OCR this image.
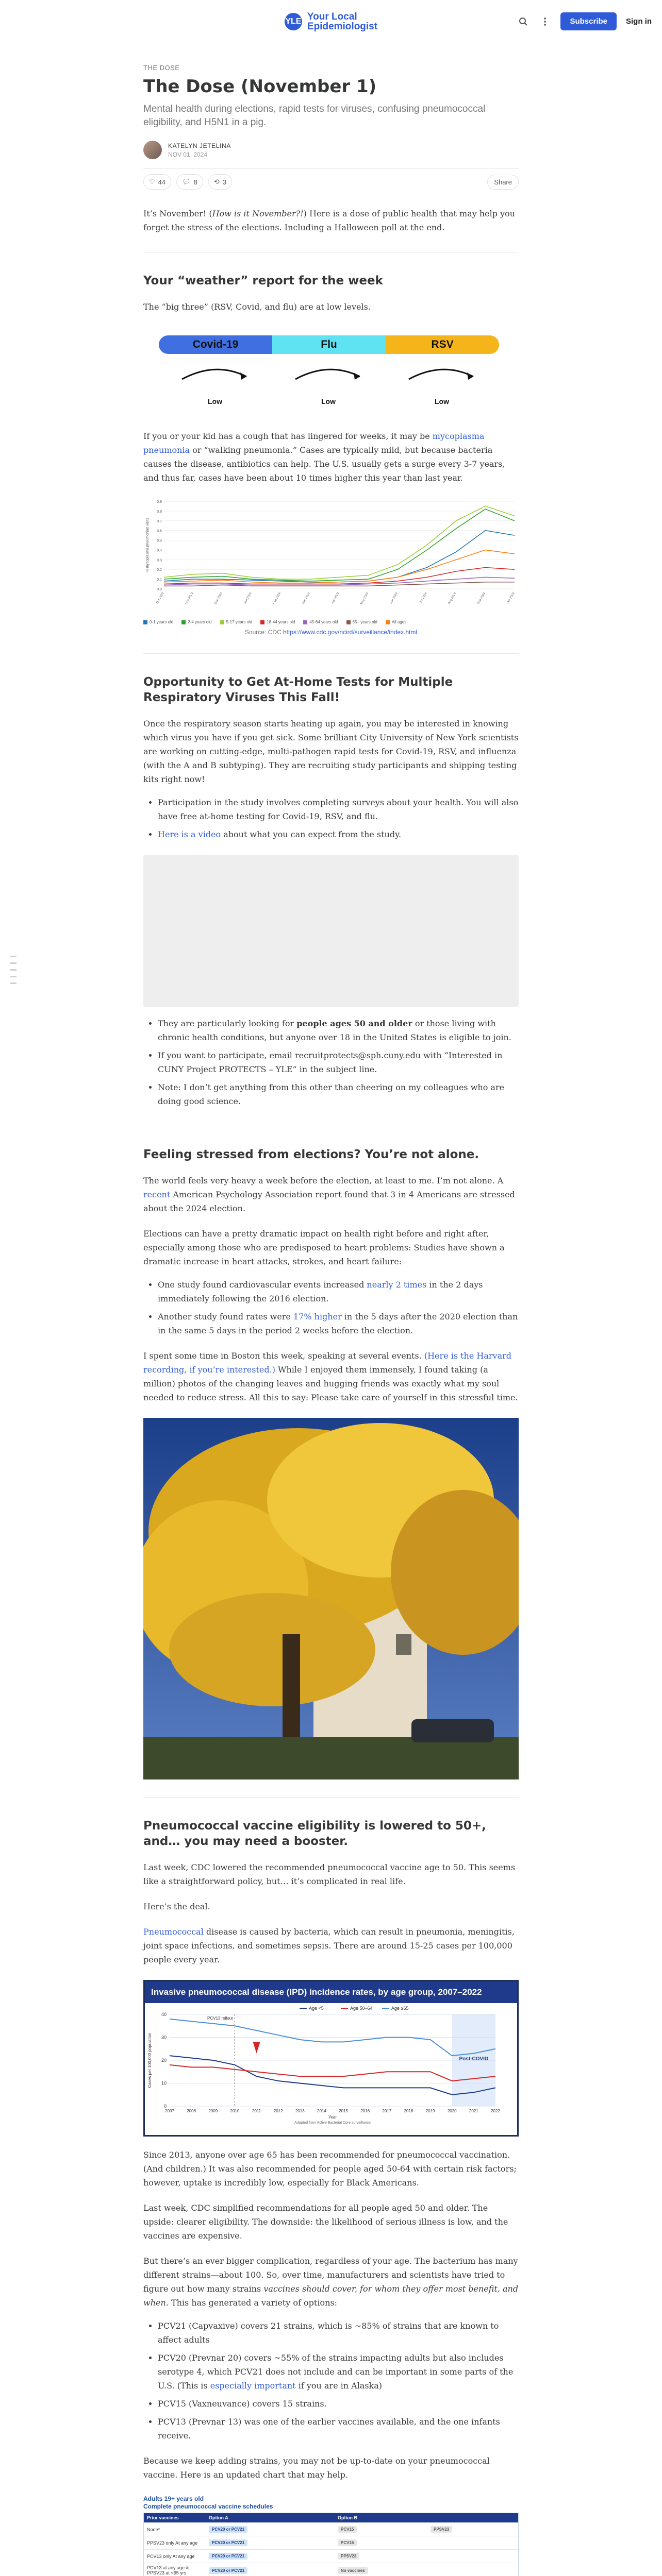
YLE Your Local
Epidemiologist	Subscribe	Sign in
THE DOSE
The Dose (November 1)
Mental health during elections, rapid tests for viruses, confusing pneumococcal eligibility, and H5N1 in a pig.
KATELYN JETELINA
NOV 01, 2024
♡ 44 💬︎ 8 ⟲ 3	Share

It’s November! (How is it November?!) Here is a dose of public health that may help you forget the stress of the elections. Including a Halloween poll at the end.

Your “weather” report for the week

The “big three” (RSV, Covid, and flu) are at low levels.

Covid-19	Flu	RSV
Low	Low	Low

If you or your kid has a cough that has lingered for weeks, it may be mycoplasma pneumonia or “walking pneumonia.” Cases are typically mild, but because bacteria causes the disease, antibiotics can help. The U.S. usually gets a surge every 3-7 years, and thus far, cases have been about 10 times higher this year than last year.

0.0
0.1
0.2
0.3
0.4
0.5
0.6
0.7
0.8
0.9
% mycoplasma pneumoniae visits
Oct 2023	Nov 2023	Dec 2023	Jan 2024	Feb 2024	Mar 2024	Apr 2024	May 2024	Jun 2024	Jul 2024	Aug 2024	Sep 2024	Oct 2024
0-1 years old	2-4 years old	5-17 years old	18-44 years old	45-64 years old	65+ years old	All ages
Source: CDC https://www.cdc.gov/ncird/surveillance/index.html
Opportunity to Get At-Home Tests for Multiple Respiratory Viruses This Fall!

Once the respiratory season starts heating up again, you may be interested in knowing which virus you have if you get sick. Some brilliant City University of New York scientists are working on cutting-edge, multi-pathogen rapid tests for Covid-19, RSV, and influenza (with the A and B subtyping). They are recruiting study participants and shipping testing kits right now!

• Participation in the study involves completing surveys about your health. You will also have free at-home testing for Covid-19, RSV, and flu.
• Here is a video about what you can expect from the study.
• They are particularly looking for people ages 50 and older or those living with chronic health conditions, but anyone over 18 in the United States is eligible to join.
• If you want to participate, email recruitprotects@sph.cuny.edu with “Interested in CUNY Project PROTECTS – YLE” in the subject line.
• Note: I don’t get anything from this other than cheering on my colleagues who are doing good science.
Feeling stressed from elections? You’re not alone.

The world feels very heavy a week before the election, at least to me. I’m not alone. A recent American Psychology Association report found that 3 in 4 Americans are stressed about the 2024 election.

Elections can have a pretty dramatic impact on health right before and right after, especially among those who are predisposed to heart problems: Studies have shown a dramatic increase in heart attacks, strokes, and heart failure:

• One study found cardiovascular events increased nearly 2 times in the 2 days immediately following the 2016 election.
• Another study found rates were 17% higher in the 5 days after the 2020 election than in the same 5 days in the period 2 weeks before the election.

I spent some time in Boston this week, speaking at several events. (Here is the Harvard recording, if you’re interested.) While I enjoyed them immensely, I found taking (a million) photos of the changing leaves and hugging friends was exactly what my soul needed to reduce stress. All this to say: Please take care of yourself in this stressful time.

Pneumococcal vaccine eligibility is lowered to 50+, and… you may need a booster.

Last week, CDC lowered the recommended pneumococcal vaccine age to 50. This seems like a straightforward policy, but… it’s complicated in real life.

Here’s the deal.

Pneumococcal disease is caused by bacteria, which can result in pneumonia, meningitis, joint space infections, and sometimes sepsis. There are around 15-25 cases per 100,000 people every year.

Invasive pneumococcal disease (IPD) incidence rates, by age group, 2007–2022
0
10
20
30
40
2007	2008	2009	2010	2011	2012	2013	2014	2015	2016	2017	2018	2019	2020	2021	2022
Cases per 100,000 population
Year
Post-COVID
PCV13 rollout
Age <5	Age 50–64	Age ≥65
Adapted from Active Bacterial Core surveillance

Since 2013, anyone over age 65 has been recommended for pneumococcal vaccination. (And children.) It was also recommended for people aged 50-64 with certain risk factors; however, uptake is incredibly low, especially for Black Americans.

Last week, CDC simplified recommendations for all people aged 50 and older. The upside: clearer eligibility. The downside: the likelihood of serious illness is low, and the vaccines are expensive.

But there’s an ever bigger complication, regardless of your age. The bacterium has many different strains—about 100. So, over time, manufacturers and scientists have tried to figure out how many strains vaccines should cover, for whom they offer most benefit, and when. This has generated a variety of options:

• PCV21 (Capvaxive) covers 21 strains, which is ~85% of strains that are known to affect adults
• PCV20 (Prevnar 20) covers ~55% of the strains impacting adults but also includes serotype 4, which PCV21 does not include and can be important in some parts of the U.S. (This is especially important if you are in Alaska)
• PCV15 (Vaxneuvance) covers 15 strains.
• PCV13 (Prevnar 13) was one of the earlier vaccines available, and the one infants receive.

Because we keep adding strains, you may not be up-to-date on your pneumococcal vaccine. Here is an updated chart that may help.

Adults 19+ years old
Complete pneumococcal vaccine schedules
Prior vaccines	Option A	Option B
None*	PCV20 or PCV21	PCV15	PPSV23
PPSV23 only At any age	PCV20 or PCV21	PCV15
PCV13 only At any age	PCV20 or PCV21	PPSV23
PCV13 at any age & PPSV23 at <65 yrs	PCV20 or PCV21	No vaccines
